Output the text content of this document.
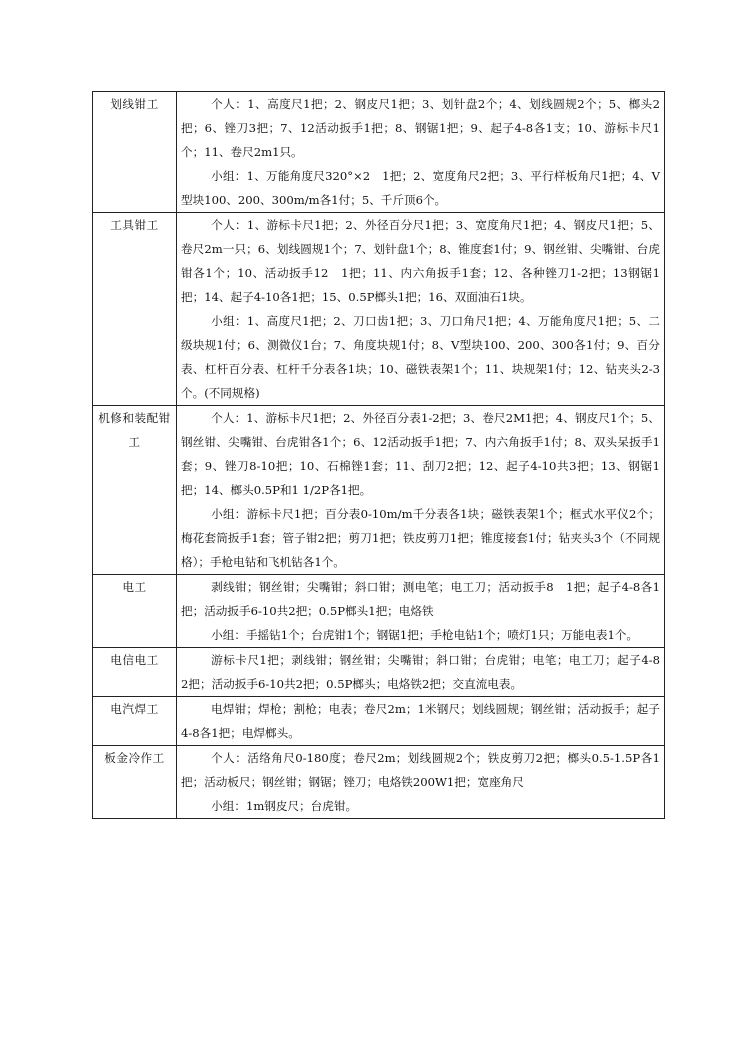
划线钳工	个人：1、高度尺1把；2、钢皮尺1把；3、划针盘2个；4、划线圆规2个；5、榔头2把；6、锉刀3把；7、12活动扳手1把；8、钢锯1把；9、起子4-8各1支；10、游标卡尺1个；11、卷尺2m1只。

小组：1、万能角度尺320°×2　1把；2、宽度角尺2把；3、平行样板角尺1把；4、V型块100、200、300m/m各1付；5、千斤顶6个。

工具钳工	个人：1、游标卡尺1把；2、外径百分尺1把；3、宽度角尺1把；4、钢皮尺1把；5、卷尺2m一只；6、划线圆规1个；7、划针盘1个；8、锥度套1付；9、钢丝钳、尖嘴钳、台虎钳各1个；10、活动扳手12　1把；11、内六角扳手1套；12、各种锉刀1-2把；13钢锯1把；14、起子4-10各1把；15、0.5P榔头1把；16、双面油石1块。

小组：1、高度尺1把；2、刀口齿1把；3、刀口角尺1把；4、万能角度尺1把；5、二级块规1付；6、测微仪1台；7、角度块规1付；8、V型块100、200、300各1付；9、百分表、杠杆百分表、杠杆千分表各1块；10、磁铁表架1个；11、块规架1付；12、钻夹头2-3个。(不同规格)

机修和装配钳工	个人：1、游标卡尺1把；2、外径百分表1-2把；3、卷尺2M1把；4、钢皮尺1个；5、钢丝钳、尖嘴钳、台虎钳各1个；6、12活动扳手1把；7、内六角扳手1付；8、双头呆扳手1套；9、锉刀8-10把；10、石棉锉1套；11、刮刀2把；12、起子4-10共3把；13、钢锯1把；14、榔头0.5P和1 1/2P各1把。

小组：游标卡尺1把；百分表0-10m/m千分表各1块；磁铁表架1个；框式水平仪2个；梅花套筒扳手1套；管子钳2把；剪刀1把；铁皮剪刀1把；锥度接套1付；钻夹头3个（不同规格）；手枪电钻和飞机钻各1个。

电工	剥线钳；钢丝钳；尖嘴钳；斜口钳；测电笔；电工刀；活动扳手8　1把；起子4-8各1把；活动扳手6-10共2把；0.5P榔头1把；电烙铁

小组：手摇钻1个；台虎钳1个；钢锯1把；手枪电钻1个；喷灯1只；万能电表1个。

电信电工	游标卡尺1把；剥线钳；钢丝钳；尖嘴钳；斜口钳；台虎钳；电笔；电工刀；起子4-8　 2把；活动扳手6-10共2把；0.5P榔头；电烙铁2把；交直流电表。

电汽焊工	电焊钳；焊枪；割枪；电表；卷尺2m；1米钢尺；划线圆规；钢丝钳；活动扳手；起子4-8各1把；电焊榔头。

板金冷作工	个人：活络角尺0-180度；卷尺2m；划线圆规2个；铁皮剪刀2把；榔头0.5-1.5P各1把；活动板尺；钢丝钳；钢锯；锉刀；电烙铁200W1把；宽座角尺

小组：1m钢皮尺；台虎钳。
